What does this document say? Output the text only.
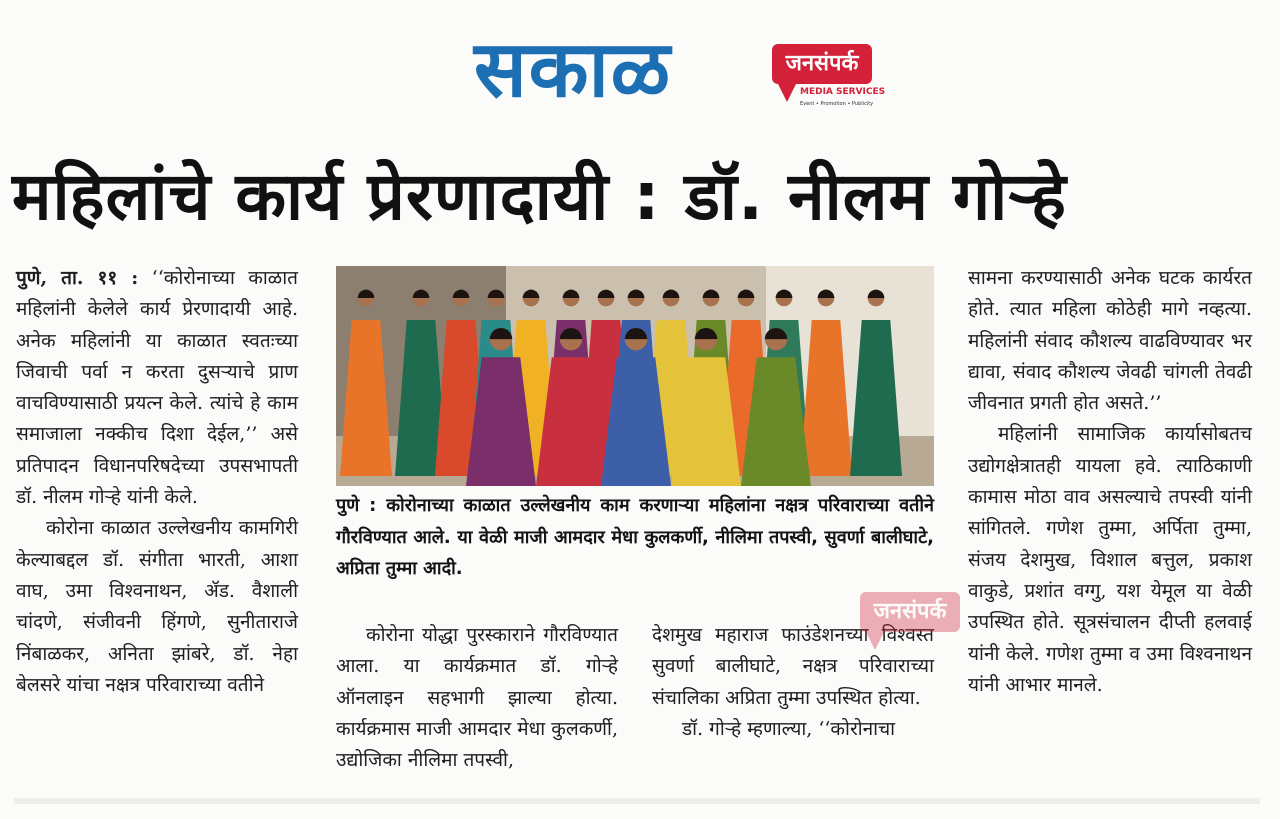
सकाळ	जनसंपर्क
MEDIA SERVICES
Event • Promotion • Publicity
महिलांचे कार्य प्रेरणादायी : डॉ. नीलम गोऱ्हे

पुणे, ता. ११ : ‘‘कोरोनाच्या काळात महिलांनी केलेले कार्य प्रेरणादायी आहे. अनेक महिलांनी या काळात स्वतःच्या जिवाची पर्वा न करता दुसऱ्याचे प्राण वाचविण्यासाठी प्रयत्न केले. त्यांचे हे काम समाजाला नक्कीच दिशा देईल,’’ असे प्रतिपादन विधानपरिषदेच्या उपसभापती डॉ. नीलम गोऱ्हे यांनी केले.

कोरोना काळात उल्लेखनीय कामगिरी केल्याबद्दल डॉ. संगीता भारती, आशा वाघ, उमा विश्वनाथन, ॲड. वैशाली चांदणे, संजीवनी हिंगणे, सुनीताराजे निंबाळकर, अनिता झांबरे, डॉ. नेहा बेलसरे यांचा नक्षत्र परिवाराच्या वतीने

पुणे : कोरोनाच्या काळात उल्लेखनीय काम करणाऱ्या महिलांना नक्षत्र परिवाराच्या वतीने गौरविण्यात आले. या वेळी माजी आमदार मेधा कुलकर्णी, नीलिमा तपस्वी, सुवर्णा बालीघाटे, अप्रिता तुम्मा आदी.

कोरोना योद्धा पुरस्काराने गौरविण्यात आला. या कार्यक्रमात डॉ. गोऱ्हे ऑनलाइन सहभागी झाल्या होत्या. कार्यक्रमास माजी आमदार मेधा कुलकर्णी, उद्योजिका नीलिमा तपस्वी,

देशमुख महाराज फाउंडेशनच्या विश्वस्त सुवर्णा बालीघाटे, नक्षत्र परिवाराच्या संचालिका अप्रिता तुम्मा उपस्थित होत्या.

डॉ. गोऱ्हे म्हणाल्या, ‘‘कोरोनाचा

जनसंपर्क

सामना करण्यासाठी अनेक घटक कार्यरत होते. त्यात महिला कोठेही मागे नव्हत्या. महिलांनी संवाद कौशल्य वाढविण्यावर भर द्यावा, संवाद कौशल्य जेवढी चांगली तेवढी जीवनात प्रगती होत असते.’’

महिलांनी सामाजिक कार्यासोबतच उद्योगक्षेत्रातही यायला हवे. त्याठिकाणी कामास मोठा वाव असल्याचे तपस्वी यांनी सांगितले. गणेश तुम्मा, अर्पिता तुम्मा, संजय देशमुख, विशाल बत्तुल, प्रकाश वाकुडे, प्रशांत वग्गु, यश येमूल या वेळी उपस्थित होते. सूत्रसंचालन दीप्ती हलवाई यांनी केले. गणेश तुम्मा व उमा विश्वनाथन यांनी आभार मानले.
